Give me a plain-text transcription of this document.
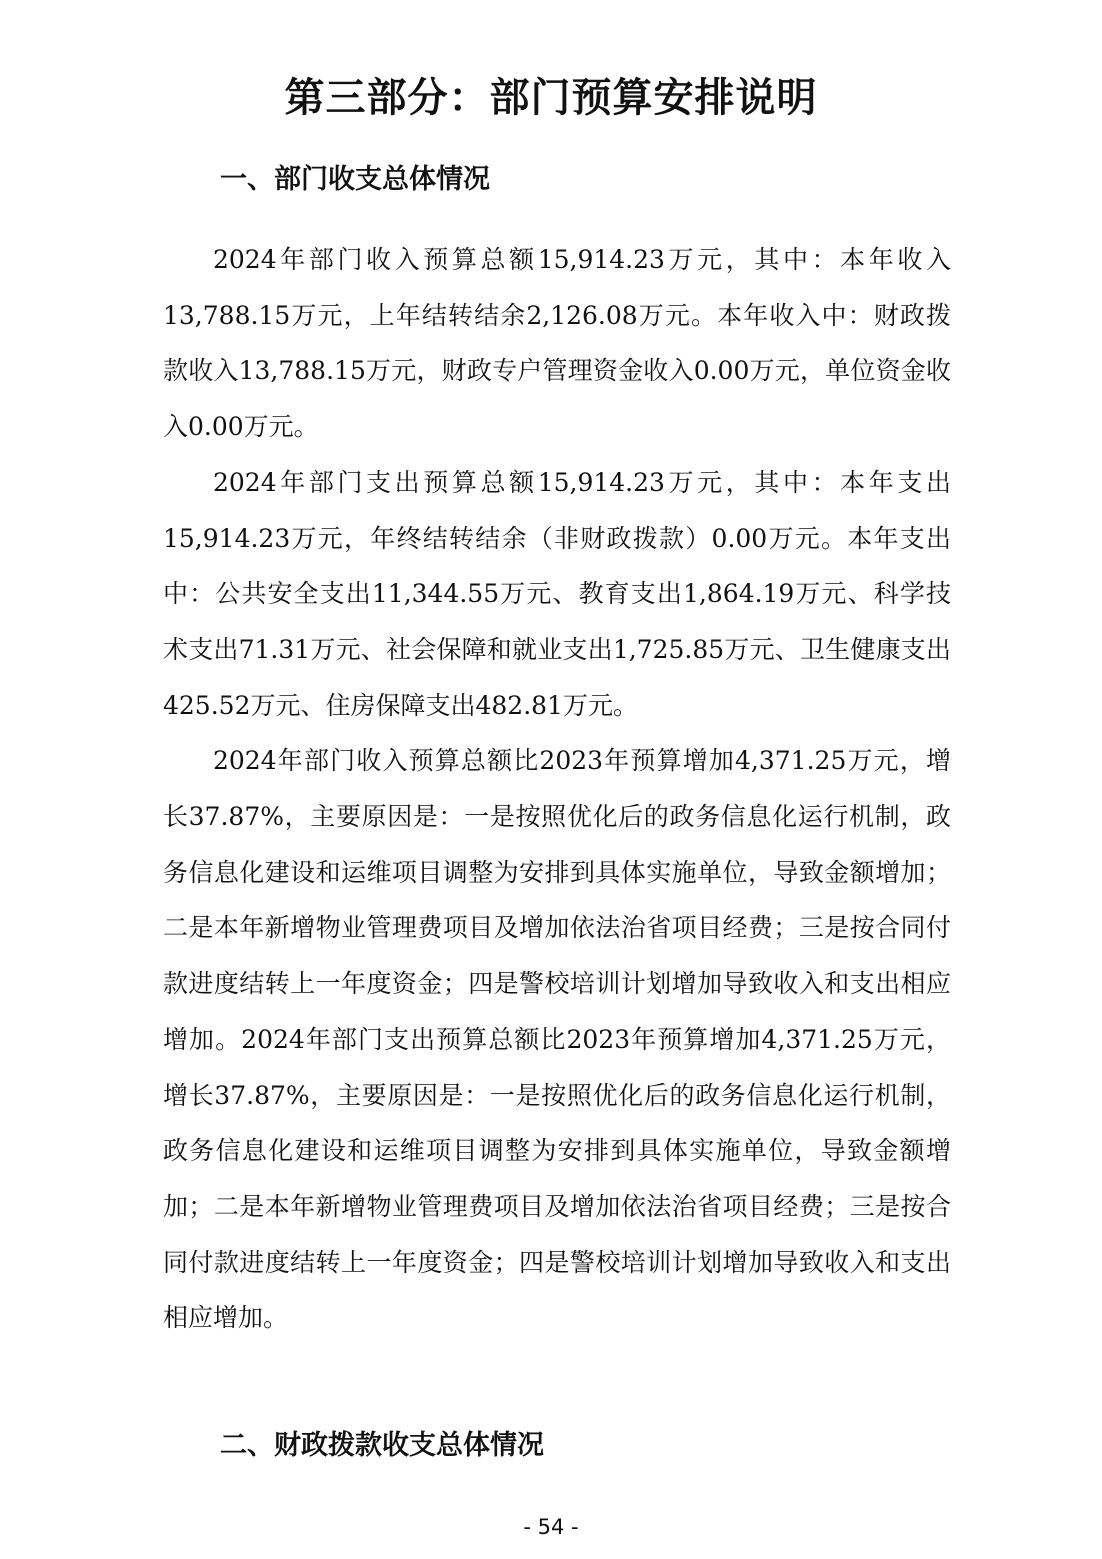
第三部分：部门预算安排说明
一、部门收支总体情况

2024年部门收入预算总额15,914.23万元，其中：本年收入13,788.15万元，上年结转结余2,126.08万元。本年收入中：财政拨款收入13,788.15万元，财政专户管理资金收入0.00万元，单位资金收入0.00万元。

2024年部门支出预算总额15,914.23万元，其中：本年支出15,914.23万元，年终结转结余（非财政拨款）0.00万元。本年支出中：公共安全支出11,344.55万元、教育支出1,864.19万元、科学技术支出71.31万元、社会保障和就业支出1,725.85万元、卫生健康支出425.52万元、住房保障支出482.81万元。

2024年部门收入预算总额比2023年预算增加4,371.25万元，增长37.87%，主要原因是：一是按照优化后的政务信息化运行机制，政务信息化建设和运维项目调整为安排到具体实施单位，导致金额增加；二是本年新增物业管理费项目及增加依法治省项目经费；三是按合同付款进度结转上一年度资金；四是警校培训计划增加导致收入和支出相应增加。2024年部门支出预算总额比2023年预算增加4,371.25万元，增长37.87%，主要原因是：一是按照优化后的政务信息化运行机制，政务信息化建设和运维项目调整为安排到具体实施单位，导致金额增加；二是本年新增物业管理费项目及增加依法治省项目经费；三是按合同付款进度结转上一年度资金；四是警校培训计划增加导致收入和支出相应增加。

二、财政拨款收支总体情况
- 54 -
